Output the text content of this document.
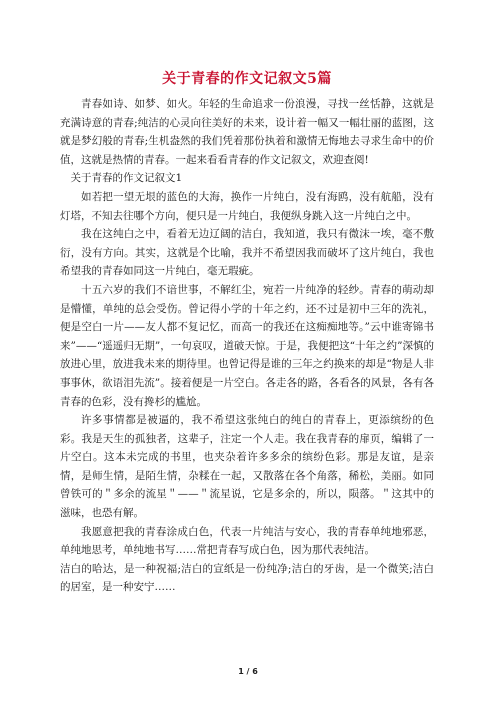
关于青春的作文记叙文5篇

青春如诗、如梦、如火。年轻的生命追求一份浪漫，寻找一丝恬静，这就是充满诗意的青春;纯洁的心灵向往美好的未来，设计着一幅又一幅壮丽的蓝图，这就是梦幻般的青春;生机盎然的我们凭着那份执着和激情无悔地去寻求生命中的价值，这就是热情的青春。一起来看看青春的作文记叙文，欢迎查阅!

关于青春的作文记叙文1

如若把一望无垠的蓝色的大海，换作一片纯白，没有海鸥，没有航船，没有灯塔，不知去往哪个方向，便只是一片纯白，我便纵身跳入这一片纯白之中。

我在这纯白之中，看着无边辽阔的洁白，我知道，我只有微沫一埃，毫不敷衍，没有方向。其实，这就是个比喻，我并不希望因我而破坏了这片纯白，我也希望我的青春如同这一片纯白，毫无瑕疵。

十五六岁的我们不谙世事，不解红尘，宛若一片纯净的轻纱。青春的萌动却是懵懂，单纯的总会受伤。曾记得小学的十年之约，还不过是初中三年的洗礼，便是空白一片——友人都不复记忆，而高一的我还在这痴痴地等。”云中谁寄锦书来”——“遥遥归无期”，一句哀叹，道破天惊。于是，我便把这“十年之约”深慎的放进心里，放进我未来的期待里。也曾记得是谁的三年之约换来的却是“物是人非事事休，欲语泪先流”。接着便是一片空白。各走各的路，各看各的风景，各有各青春的色彩，没有搀杉的尴尬。

许多事情都是被逼的，我不希望这张纯白的纯白的青春上，更添缤纷的色彩。我是天生的孤独者，这辈子，注定一个人走。我在我青春的扉页，编辑了一片空白。这本未完成的书里，也夹杂着许多多余的缤纷色彩。那是友谊，是亲情，是师生情，是陌生情，杂糅在一起，又散落在各个角落，稀松，美丽。如同曾铁可的＂多余的流星＂——＂流星说，它是多余的，所以，陨落。＂这其中的滋味，也恐有解。

我愿意把我的青春涂成白色，代表一片纯洁与安心，我的青春单纯地邪恶，单纯地思考，单纯地书写……常把青春写成白色，因为那代表纯洁。

洁白的哈达，是一种祝福;洁白的宣纸是一份纯净;洁白的牙齿，是一个微笑;洁白的居室，是一种安宁……

1 / 6
